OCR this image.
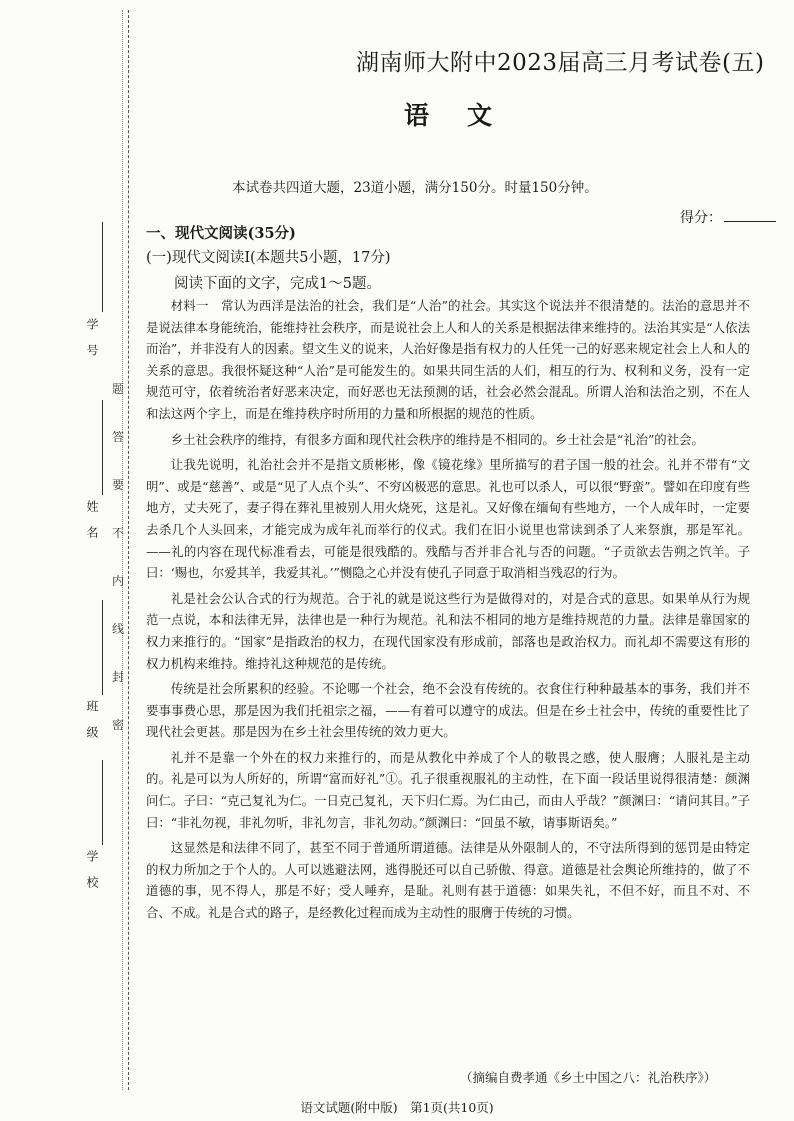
题
答
要
不
内
线
封
密
学号
姓名
班级
学校
湖南师大附中2023届高三月考试卷(五)
语文
本试卷共四道大题，23道小题，满分150分。时量150分钟。
得分：
一、现代文阅读(35分)
(一)现代文阅读Ⅰ(本题共5小题，17分)
阅读下面的文字，完成1～5题。

材料一　常认为西洋是法治的社会，我们是“人治”的社会。其实这个说法并不很清楚的。法治的意思并不是说法律本身能统治，能维持社会秩序，而是说社会上人和人的关系是根据法律来维持的。法治其实是“人依法而治”，并非没有人的因素。望文生义的说来，人治好像是指有权力的人任凭一己的好恶来规定社会上人和人的关系的意思。我很怀疑这种“人治”是可能发生的。如果共同生活的人们，相互的行为、权利和义务，没有一定规范可守，依着统治者好恶来决定，而好恶也无法预测的话，社会必然会混乱。所谓人治和法治之别，不在人和法这两个字上，而是在维持秩序时所用的力量和所根据的规范的性质。

乡土社会秩序的维持，有很多方面和现代社会秩序的维持是不相同的。乡土社会是“礼治”的社会。

让我先说明，礼治社会并不是指文质彬彬，像《镜花缘》里所描写的君子国一般的社会。礼并不带有“文明”、或是“慈善”、或是“见了人点个头”、不穷凶极恶的意思。礼也可以杀人，可以很“野蛮”。譬如在印度有些地方，丈夫死了，妻子得在葬礼里被别人用火烧死，这是礼。又好像在缅甸有些地方，一个人成年时，一定要去杀几个人头回来，才能完成为成年礼而举行的仪式。我们在旧小说里也常读到杀了人来祭旗，那是军礼。——礼的内容在现代标准看去，可能是很残酷的。残酷与否并非合礼与否的问题。“子贡欲去告朔之饩羊。子曰：‘赐也，尔爱其羊，我爱其礼。’”恻隐之心并没有使孔子同意于取消相当残忍的行为。

礼是社会公认合式的行为规范。合于礼的就是说这些行为是做得对的，对是合式的意思。如果单从行为规范一点说，本和法律无异，法律也是一种行为规范。礼和法不相同的地方是维持规范的力量。法律是靠国家的权力来推行的。“国家”是指政治的权力，在现代国家没有形成前，部落也是政治权力。而礼却不需要这有形的权力机构来维持。维持礼这种规范的是传统。

传统是社会所累积的经验。不论哪一个社会，绝不会没有传统的。衣食住行种种最基本的事务，我们并不要事事费心思，那是因为我们托祖宗之福，——有着可以遵守的成法。但是在乡土社会中，传统的重要性比了现代社会更甚。那是因为在乡土社会里传统的效力更大。

礼并不是靠一个外在的权力来推行的，而是从教化中养成了个人的敬畏之感，使人服膺；人服礼是主动的。礼是可以为人所好的，所谓“富而好礼”①。孔子很重视服礼的主动性，在下面一段话里说得很清楚：颜渊问仁。子曰：“克己复礼为仁。一日克己复礼，天下归仁焉。为仁由己，而由人乎哉？”颜渊曰：“请问其目。”子曰：“非礼勿视，非礼勿听，非礼勿言，非礼勿动。”颜渊曰：“回虽不敏，请事斯语矣。”

这显然是和法律不同了，甚至不同于普通所谓道德。法律是从外限制人的，不守法所得到的惩罚是由特定的权力所加之于个人的。人可以逃避法网，逃得脱还可以自己骄傲、得意。道德是社会舆论所维持的，做了不道德的事，见不得人，那是不好；受人唾弃，是耻。礼则有甚于道德：如果失礼，不但不好，而且不对、不合、不成。礼是合式的路子，是经教化过程而成为主动性的服膺于传统的习惯。

（摘编自费孝通《乡土中国之八：礼治秩序》）
语文试题(附中版)　第1页(共10页)
